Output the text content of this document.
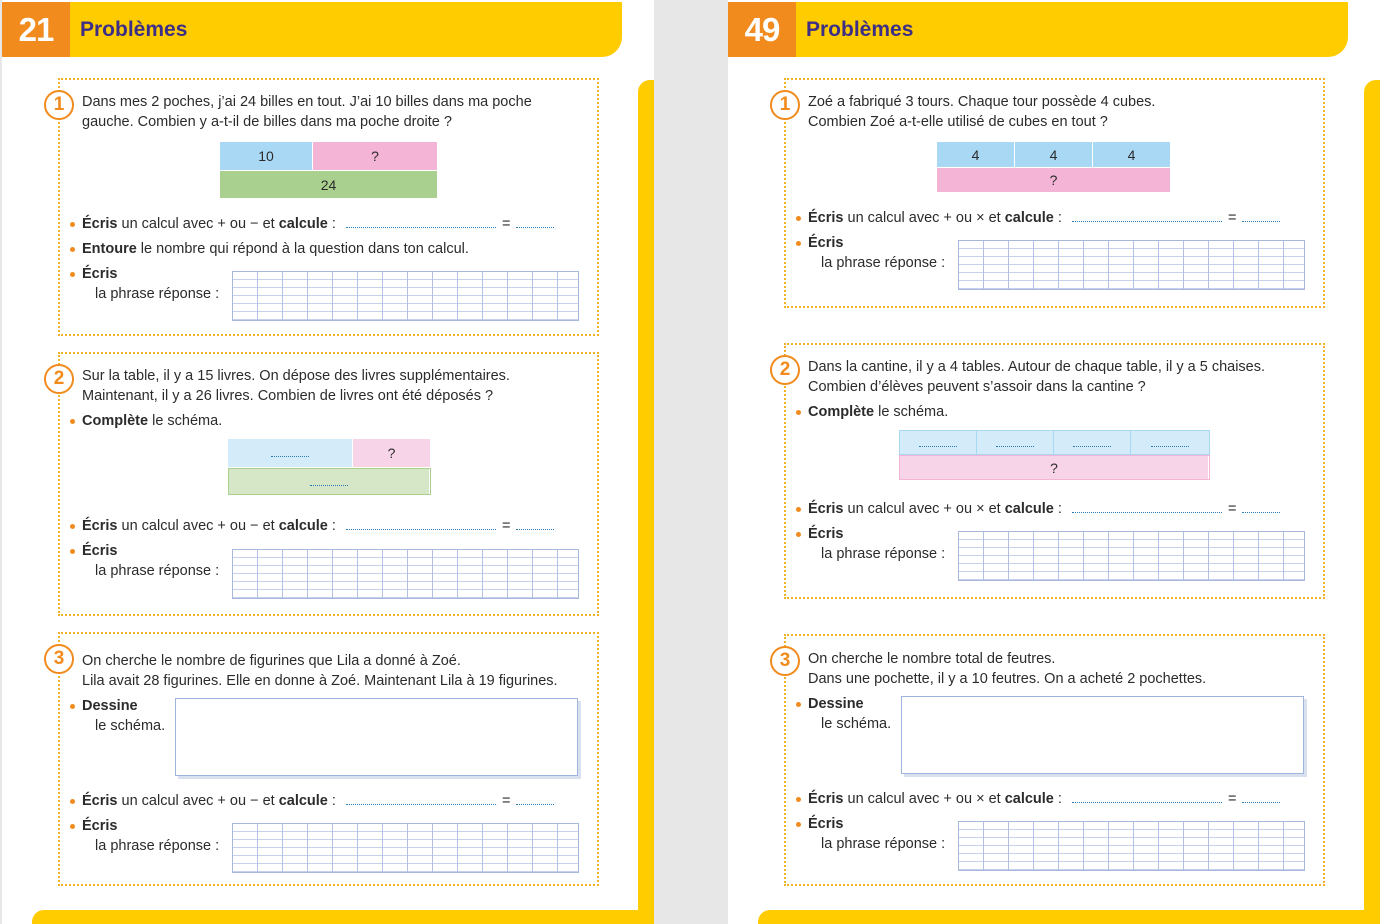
21	Problèmes
1	Dans mes 2 poches, j’ai 24 billes en tout. J’ai 10 billes dans ma poche
gauche. Combien y a-t-il de billes dans ma poche droite ?
10	?
24
Écris un calcul avec + ou − et calcule :	=
Entoure le nombre qui répond à la question dans ton calcul.
Écris
la phrase réponse :
2	Sur la table, il y a 15 livres. On dépose des livres supplémentaires.
Maintenant, il y a 26 livres. Combien de livres ont été déposés ?
Complète le schéma.
?
Écris un calcul avec + ou − et calcule :	=
Écris
la phrase réponse :
3	On cherche le nombre de figurines que Lila a donné à Zoé.
Lila avait 28 figurines. Elle en donne à Zoé. Maintenant Lila à 19 figurines.
Dessine
le schéma.
Écris un calcul avec + ou − et calcule :	=
Écris
la phrase réponse :
49	Problèmes
1	Zoé a fabriqué 3 tours. Chaque tour possède 4 cubes.
Combien Zoé a-t-elle utilisé de cubes en tout ?
4	4	4
?
Écris un calcul avec + ou × et calcule :	=
Écris
la phrase réponse :
2	Dans la cantine, il y a 4 tables. Autour de chaque table, il y a 5 chaises.
Combien d’élèves peuvent s’assoir dans la cantine ?
Complète le schéma.
?
Écris un calcul avec + ou × et calcule :	=
Écris
la phrase réponse :
3	On cherche le nombre total de feutres.
Dans une pochette, il y a 10 feutres. On a acheté 2 pochettes.
Dessine
le schéma.
Écris un calcul avec + ou × et calcule :	=
Écris
la phrase réponse :
